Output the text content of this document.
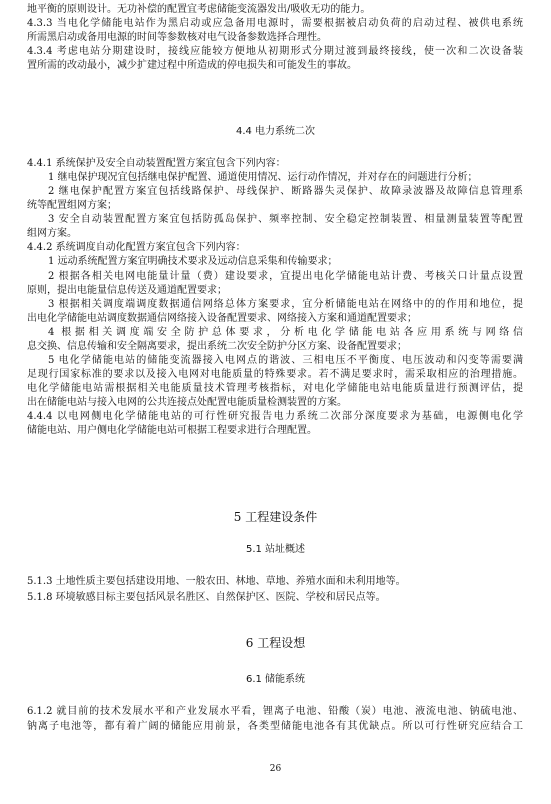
地平衡的原则设计。无功补偿的配置宜考虑储能变流器发出/吸收无功的能力。
4.3.3 当电化学储能电站作为黑启动或应急备用电源时，需要根据被启动负荷的启动过程、被供电系统
所需黑启动或备用电源的时间等参数核对电气设备参数选择合理性。
4.3.4 考虑电站分期建设时，接线应能较方便地从初期形式分期过渡到最终接线，使一次和二次设备装
置所需的改动最小，减少扩建过程中所造成的停电损失和可能发生的事故。
4.4 电力系统二次
4.4.1 系统保护及安全自动装置配置方案宜包含下列内容：
1 继电保护现况宜包括继电保护配置、通道使用情况、运行动作情况，并对存在的问题进行分析；
2 继电保护配置方案宜包括线路保护、母线保护、断路器失灵保护、故障录波器及故障信息管理系
统等配置组网方案；
3 安全自动装置配置方案宜包括防孤岛保护、频率控制、安全稳定控制装置、相量测量装置等配置
组网方案。
4.4.2 系统调度自动化配置方案宜包含下列内容：
1 远动系统配置方案宜明确技术要求及远动信息采集和传输要求；
2 根据各相关电网电能量计量（费）建设要求，宜提出电化学储能电站计费、考核关口计量点设置
原则，提出电能量信息传送及通道配置要求；
3 根据相关调度端调度数据通信网络总体方案要求，宜分析储能电站在网络中的的作用和地位，提
出电化学储能电站调度数据通信网络接入设备配置要求、网络接入方案和通道配置要求；
4 根据相关调度端安全防护总体要求，分析电化学储能电站各应用系统与网络信
息交换、信息传输和安全隔离要求，提出系统二次安全防护分区方案、设备配置要求；
5 电化学储能电站的储能变流器接入电网点的谐波、三相电压不平衡度、电压波动和闪变等需要满
足现行国家标准的要求以及接入电网对电能质量的特殊要求。若不满足要求时，需采取相应的治理措施。
电化学储能电站需根据相关电能质量技术管理考核指标，对电化学储能电站电能质量进行预测评估，提
出在储能电站与接入电网的公共连接点处配置电能质量检测装置的方案。
4.4.4 以电网侧电化学储能电站的可行性研究报告电力系统二次部分深度要求为基础，电源侧电化学
储能电站、用户侧电化学储能电站可根据工程要求进行合理配置。
5 工程建设条件
5.1 站址概述
5.1.3 土地性质主要包括建设用地、一般农田、林地、草地、养殖水面和未利用地等。
5.1.8 环境敏感目标主要包括风景名胜区、自然保护区、医院、学校和居民点等。
6 工程设想
6.1 储能系统
6.1.2 就目前的技术发展水平和产业发展水平看，锂离子电池、铅酸（炭）电池、液流电池、钠硫电池、
钠离子电池等，都有着广阔的储能应用前景，各类型储能电池各有其优缺点。所以可行性研究应结合工
26
